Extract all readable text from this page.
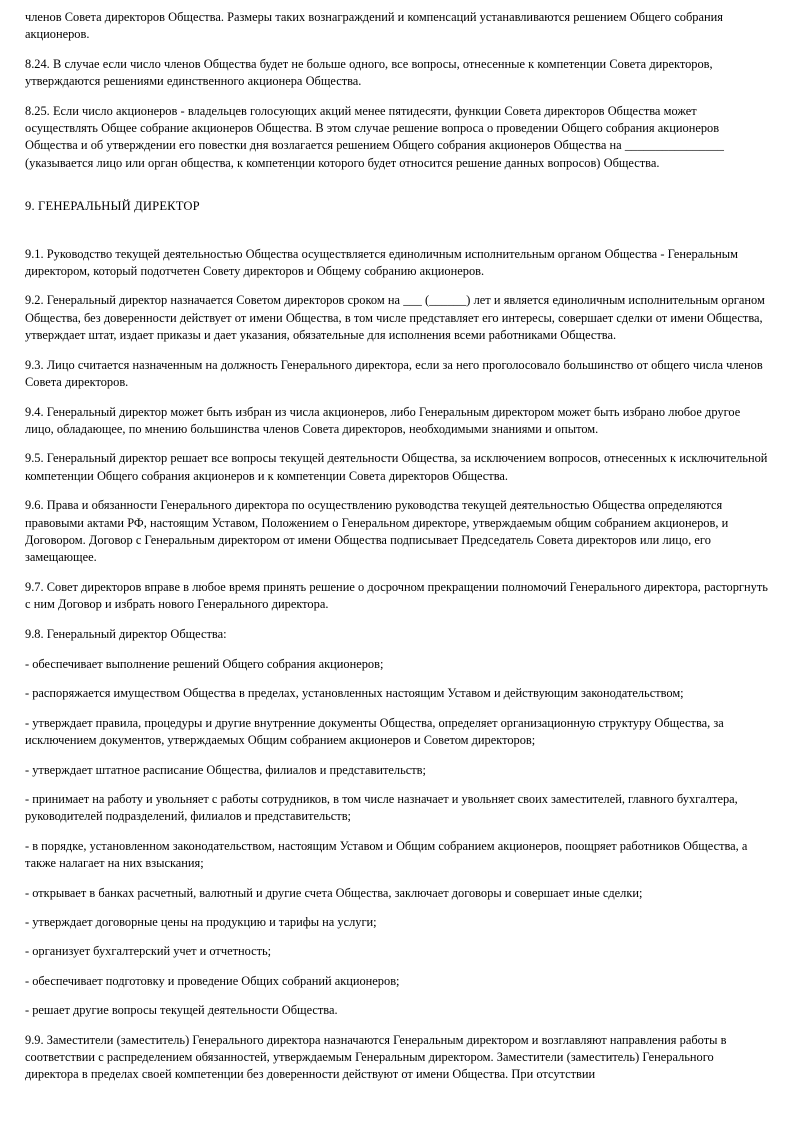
членов Совета директоров Общества. Размеры таких вознаграждений и компенсаций устанавливаются решением Общего собрания акционеров.

8.24. В случае если число членов Общества будет не больше одного, все вопросы, отнесенные к компетенции Совета директоров, утверждаются решениями единственного акционера Общества.

8.25. Если число акционеров - владельцев голосующих акций менее пятидесяти, функции Совета директоров Общества может осуществлять Общее собрание акционеров Общества. В этом случае решение вопроса о проведении Общего собрания акционеров Общества и об утверждении его повестки дня возлагается решением Общего собрания акционеров Общества на ________________ (указывается лицо или орган общества, к компетенции которого будет относится решение данных вопросов) Общества.

9. ГЕНЕРАЛЬНЫЙ ДИРЕКТОР

9.1. Руководство текущей деятельностью Общества осуществляется единоличным исполнительным органом Общества - Генеральным директором, который подотчетен Совету директоров и Общему собранию акционеров.

9.2. Генеральный директор назначается Советом директоров сроком на ___ (______) лет и является единоличным исполнительным органом Общества, без доверенности действует от имени Общества, в том числе представляет его интересы, совершает сделки от имени Общества, утверждает штат, издает приказы и дает указания, обязательные для исполнения всеми работниками Общества.

9.3. Лицо считается назначенным на должность Генерального директора, если за него проголосовало большинство от общего числа членов Совета директоров.

9.4. Генеральный директор может быть избран из числа акционеров, либо Генеральным директором может быть избрано любое другое лицо, обладающее, по мнению большинства членов Совета директоров, необходимыми знаниями и опытом.

9.5. Генеральный директор решает все вопросы текущей деятельности Общества, за исключением вопросов, отнесенных к исключительной компетенции Общего собрания акционеров и к компетенции Совета директоров Общества.

9.6. Права и обязанности Генерального директора по осуществлению руководства текущей деятельностью Общества определяются правовыми актами РФ, настоящим Уставом, Положением о Генеральном директоре, утверждаемым общим собранием акционеров, и Договором. Договор с Генеральным директором от имени Общества подписывает Председатель Совета директоров или лицо, его замещающее.

9.7. Совет директоров вправе в любое время принять решение о досрочном прекращении полномочий Генерального директора, расторгнуть с ним Договор и избрать нового Генерального директора.

9.8. Генеральный директор Общества:

- обеспечивает выполнение решений Общего собрания акционеров;

- распоряжается имуществом Общества в пределах, установленных настоящим Уставом и действующим законодательством;

- утверждает правила, процедуры и другие внутренние документы Общества, определяет организационную структуру Общества, за исключением документов, утверждаемых Общим собранием акционеров и Советом директоров;

- утверждает штатное расписание Общества, филиалов и представительств;

- принимает на работу и увольняет с работы сотрудников, в том числе назначает и увольняет своих заместителей, главного бухгалтера, руководителей подразделений, филиалов и представительств;

- в порядке, установленном законодательством, настоящим Уставом и Общим собранием акционеров, поощряет работников Общества, а также налагает на них взыскания;

- открывает в банках расчетный, валютный и другие счета Общества, заключает договоры и совершает иные сделки;

- утверждает договорные цены на продукцию и тарифы на услуги;

- организует бухгалтерский учет и отчетность;

- обеспечивает подготовку и проведение Общих собраний акционеров;

- решает другие вопросы текущей деятельности Общества.

9.9. Заместители (заместитель) Генерального директора назначаются Генеральным директором и возглавляют направления работы в соответствии с распределением обязанностей, утверждаемым Генеральным директором. Заместители (заместитель) Генерального директора в пределах своей компетенции без доверенности действуют от имени Общества. При отсутствии
